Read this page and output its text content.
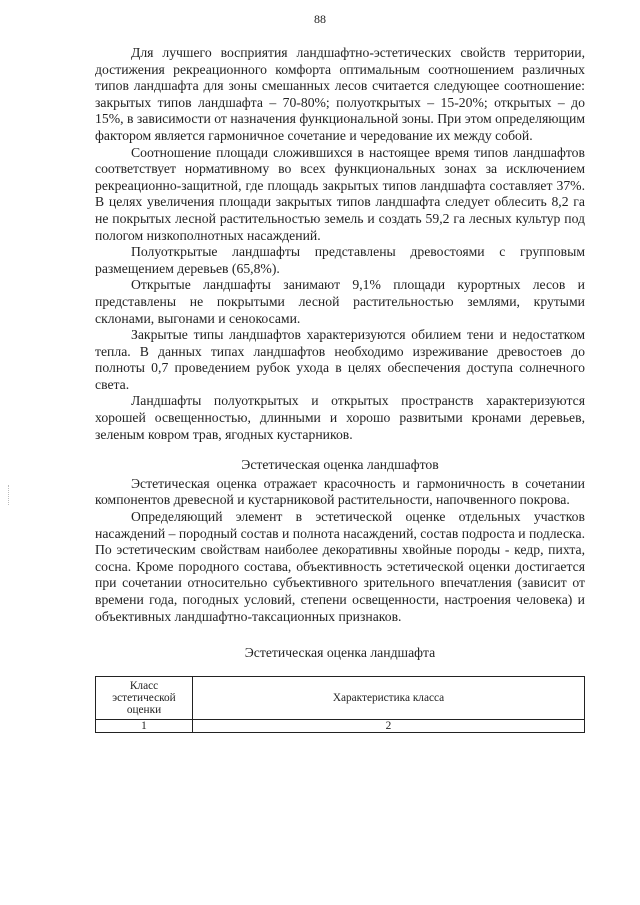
88

Для лучшего восприятия ландшафтно-эстетических свойств территории, достижения рекреационного комфорта оптимальным соотношением различных типов ландшафта для зоны смешанных лесов считается следующее соотношение: закрытых типов ландшафта – 70-80%; полуоткрытых – 15-20%; открытых – до 15%, в зависимости от назначения функциональной зоны. При этом определяющим фактором является гармоничное сочетание и чередование их между собой.

Соотношение площади сложившихся в настоящее время типов ландшафтов соответствует нормативному во всех функциональных зонах за исключением рекреационно-защитной, где площадь закрытых типов ландшафта составляет 37%. В целях увеличения площади закрытых типов ландшафта следует облесить 8,2 га не покрытых лесной растительностью земель и создать 59,2 га лесных культур под пологом низкополнотных насаждений.

Полуоткрытые ландшафты представлены древостоями с групповым размещением деревьев (65,8%).

Открытые ландшафты занимают 9,1% площади курортных лесов и представлены не покрытыми лесной растительностью землями, крутыми склонами, выгонами и сенокосами.

Закрытые типы ландшафтов характеризуются обилием тени и недостатком тепла. В данных типах ландшафтов необходимо изреживание древостоев до полноты 0,7 проведением рубок ухода в целях обеспечения доступа солнечного света.

Ландшафты полуоткрытых и открытых пространств характеризуются хорошей освещенностью, длинными и хорошо развитыми кронами деревьев, зеленым ковром трав, ягодных кустарников.

Эстетическая оценка ландшафтов

Эстетическая оценка отражает красочность и гармоничность в сочетании компонентов древесной и кустарниковой растительности, напочвенного покрова.

Определяющий элемент в эстетической оценке отдельных участков насаждений – породный состав и полнота насаждений, состав подроста и подлеска. По эстетическим свойствам наиболее декоративны хвойные породы - кедр, пихта, сосна. Кроме породного состава, объективность эстетической оценки достигается при сочетании относительно субъективного зрительного впечатления (зависит от времени года, погодных условий, степени освещенности, настроения человека) и объективных ландшафтно-таксационных признаков.

Эстетическая оценка ландшафта

Класс эстетической оценки	Характеристика класса
1	2
